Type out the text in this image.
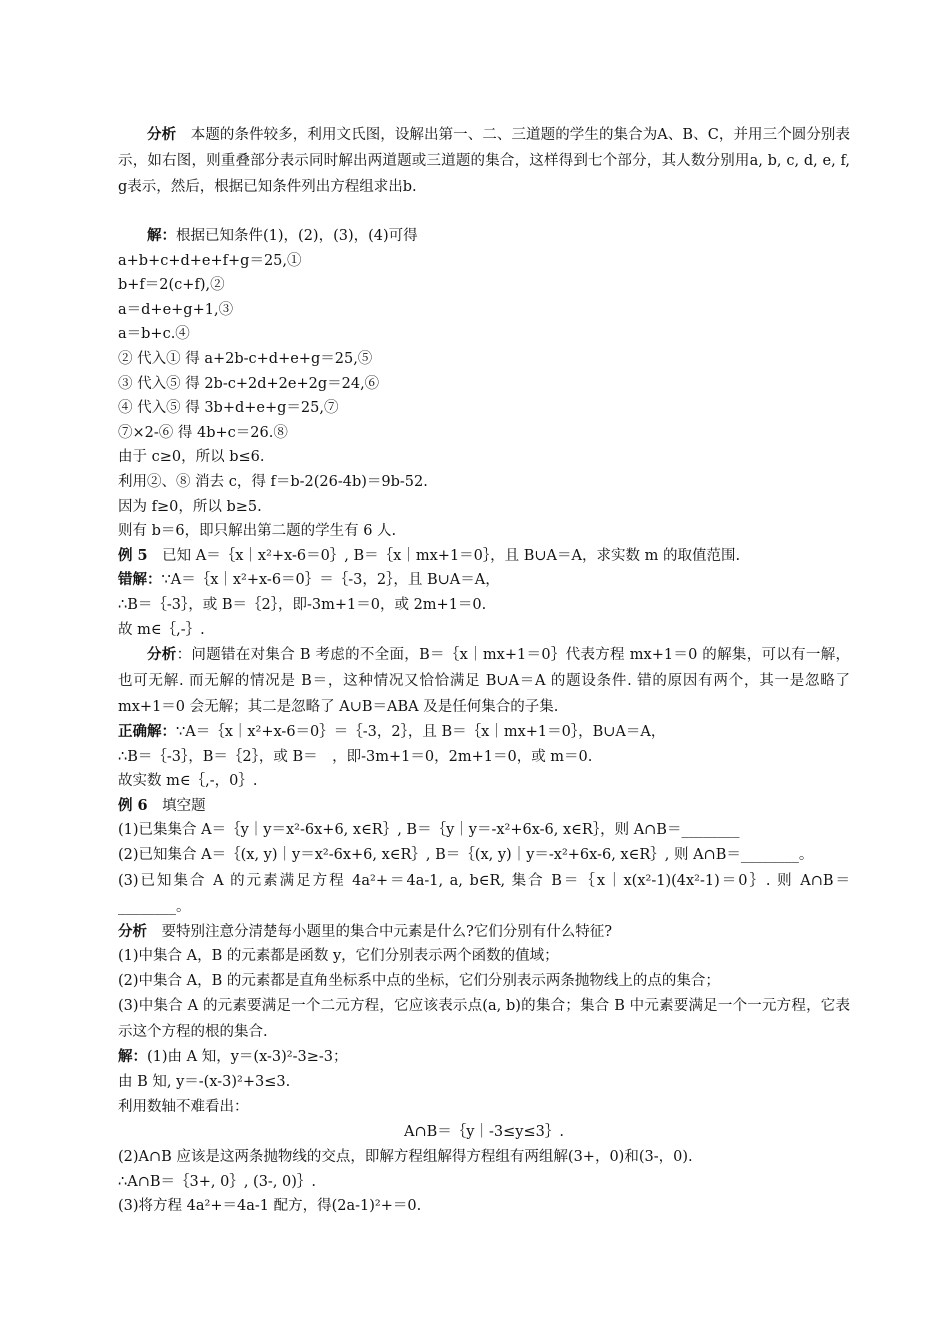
分析　本题的条件较多，利用文氏图，设解出第一、二、三道题的学生的集合为A、B、C，并用三个圆分别表示，如右图，则重叠部分表示同时解出两道题或三道题的集合，这样得到七个部分，其人数分别用a, b, c, d, e, f, g表示，然后，根据已知条件列出方程组求出b.

解：根据已知条件(1)，(2)，(3)，(4)可得

a+b+c+d+e+f+g＝25,①

b+f＝2(c+f),②

a＝d+e+g+1,③

a＝b+c.④

② 代入① 得 a+2b-c+d+e+g＝25,⑤

③ 代入⑤ 得 2b-c+2d+2e+2g＝24,⑥

④ 代入⑤ 得 3b+d+e+g＝25,⑦

⑦×2-⑥ 得 4b+c＝26.⑧

由于 c≥0，所以 b≤6.

利用②、⑧ 消去 c，得 f＝b-2(26-4b)＝9b-52.

因为 f≥0，所以 b≥5.

则有 b＝6，即只解出第二题的学生有 6 人.

例 5　已知 A＝｛x｜x²+x-6＝0｝, B＝｛x｜mx+1＝0｝，且 B∪A＝A，求实数 m 的取值范围.

错解：∵A＝｛x｜x²+x-6＝0｝＝｛-3，2｝，且 B∪A＝A，

∴B＝｛-3｝，或 B＝｛2｝，即-3m+1＝0，或 2m+1＝0.

故 m∈｛,-｝.

分析：问题错在对集合 B 考虑的不全面，B＝｛x｜mx+1＝0｝代表方程 mx+1＝0 的解集，可以有一解，也可无解. 而无解的情况是 B＝，这种情况又恰恰满足 B∪A＝A 的题设条件. 错的原因有两个，其一是忽略了 mx+1＝0 会无解；其二是忽略了 A∪B＝ABA 及是任何集合的子集.

正确解：∵A＝｛x｜x²+x-6＝0｝＝｛-3，2｝，且 B＝｛x｜mx+1＝0｝，B∪A＝A，

∴B＝｛-3｝，B＝｛2｝，或 B＝　，即-3m+1＝0，2m+1＝0，或 m＝0.

故实数 m∈｛,-，0｝.

例 6　填空题

(1)已集集合 A＝｛y｜y＝x²-6x+6, x∈R｝, B＝｛y｜y＝-x²+6x-6, x∈R｝，则 A∩B＝________

(2)已知集合 A＝｛(x, y)｜y＝x²-6x+6, x∈R｝, B＝｛(x, y)｜y＝-x²+6x-6, x∈R｝, 则 A∩B＝________。

(3)已知集合 A 的元素满足方程 4a²+＝4a-1, a, b∈R, 集合 B＝｛x｜x(x²-1)(4x²-1)＝0｝. 则 A∩B＝________。

分析　要特别注意分清楚每小题里的集合中元素是什么?它们分别有什么特征?

(1)中集合 A，B 的元素都是函数 y，它们分别表示两个函数的值域；

(2)中集合 A，B 的元素都是直角坐标系中点的坐标，它们分别表示两条抛物线上的点的集合；

(3)中集合 A 的元素要满足一个二元方程，它应该表示点(a, b)的集合；集合 B 中元素要满足一个一元方程，它表示这个方程的根的集合.

解：(1)由 A 知，y＝(x-3)²-3≥-3；

由 B 知, y＝-(x-3)²+3≤3.

利用数轴不难看出：

A∩B＝｛y｜-3≤y≤3｝.

(2)A∩B 应该是这两条抛物线的交点，即解方程组解得方程组有两组解(3+，0)和(3-，0).

∴A∩B＝｛3+, 0｝, (3-, 0)｝.

(3)将方程 4a²+＝4a-1 配方，得(2a-1)²+＝0.
